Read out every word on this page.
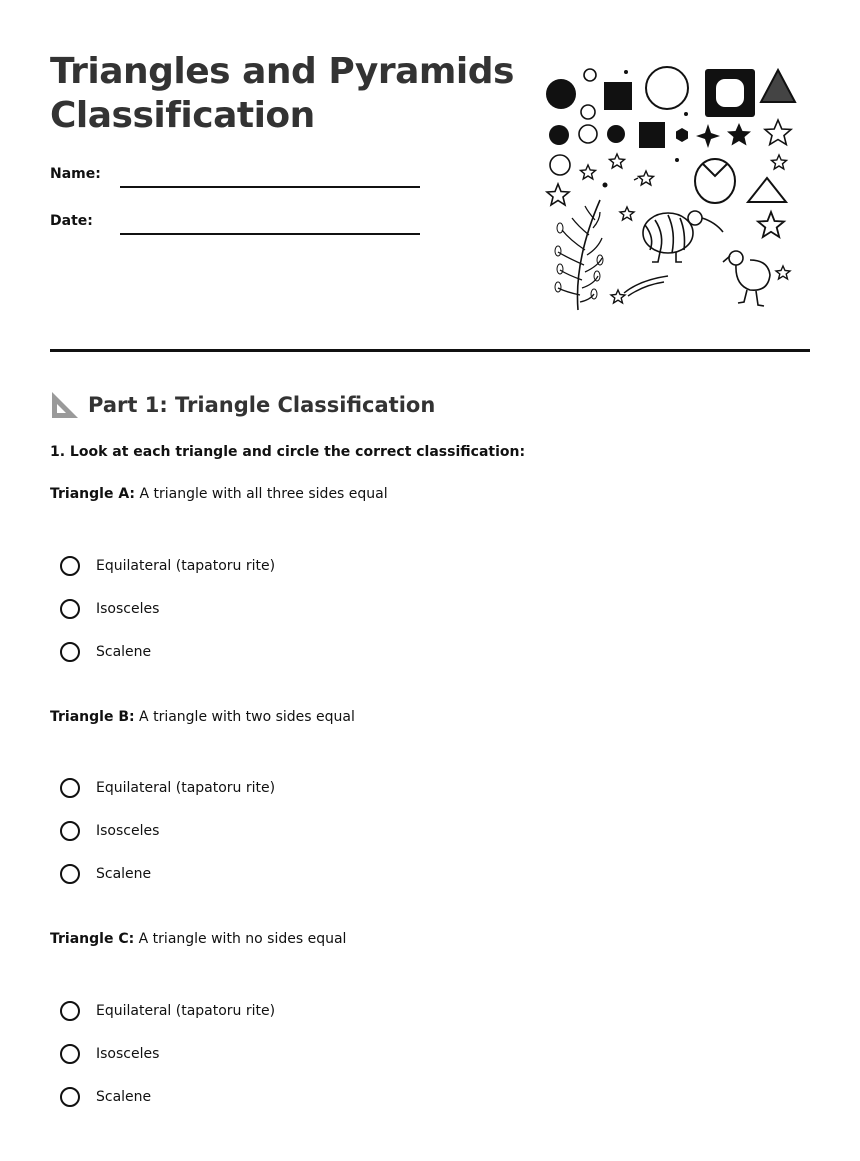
Triangles and Pyramids Classification
Name:
Date:
Part 1: Triangle Classification
1. Look at each triangle and circle the correct classification:
Triangle A: A triangle with all three sides equal
Equilateral (tapatoru rite)
Isosceles
Scalene
Triangle B: A triangle with two sides equal
Equilateral (tapatoru rite)
Isosceles
Scalene
Triangle C: A triangle with no sides equal
Equilateral (tapatoru rite)
Isosceles
Scalene
